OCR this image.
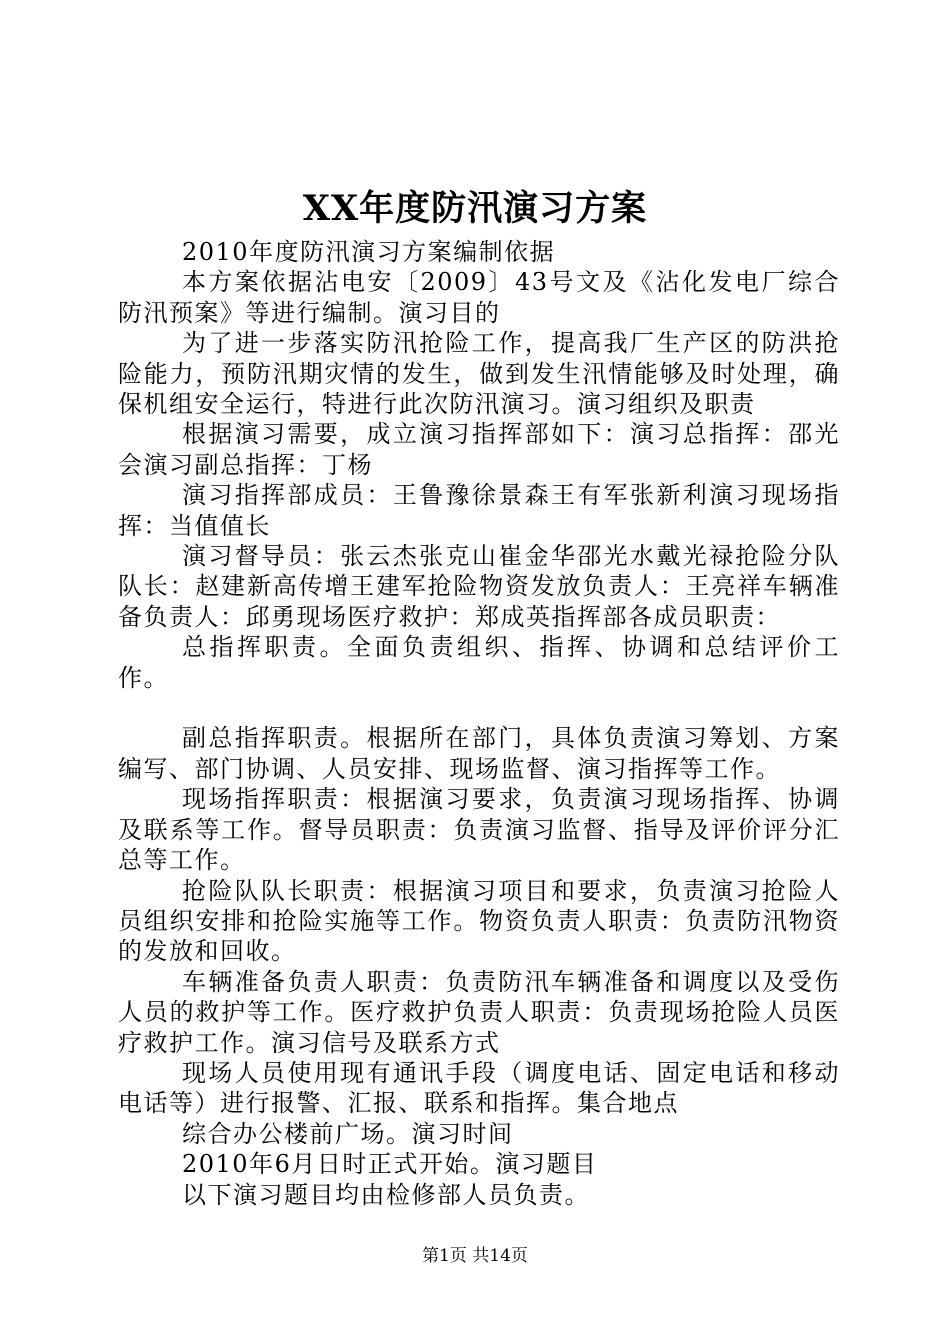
XX年度防汛演习方案

2010年度防汛演习方案编制依据

本方案依据沾电安〔2009〕43号文及《沾化发电厂综合防汛预案》等进行编制。演习目的

为了进一步落实防汛抢险工作，提高我厂生产区的防洪抢险能力，预防汛期灾情的发生，做到发生汛情能够及时处理，确保机组安全运行，特进行此次防汛演习。演习组织及职责

根据演习需要，成立演习指挥部如下：演习总指挥：邵光会演习副总指挥：丁杨

演习指挥部成员：王鲁豫徐景森王有军张新利演习现场指挥：当值值长

演习督导员：张云杰张克山崔金华邵光水戴光禄抢险分队队长：赵建新高传增王建军抢险物资发放负责人：王亮祥车辆准备负责人：邱勇现场医疗救护：郑成英指挥部各成员职责：

总指挥职责。全面负责组织、指挥、协调和总结评价工作。

副总指挥职责。根据所在部门，具体负责演习筹划、方案编写、部门协调、人员安排、现场监督、演习指挥等工作。

现场指挥职责：根据演习要求，负责演习现场指挥、协调及联系等工作。督导员职责：负责演习监督、指导及评价评分汇总等工作。

抢险队队长职责：根据演习项目和要求，负责演习抢险人员组织安排和抢险实施等工作。物资负责人职责：负责防汛物资的发放和回收。

车辆准备负责人职责：负责防汛车辆准备和调度以及受伤人员的救护等工作。医疗救护负责人职责：负责现场抢险人员医疗救护工作。演习信号及联系方式

现场人员使用现有通讯手段（调度电话、固定电话和移动电话等）进行报警、汇报、联系和指挥。集合地点

综合办公楼前广场。演习时间

2010年6月日时正式开始。演习题目

以下演习题目均由检修部人员负责。

第1页 共14页
